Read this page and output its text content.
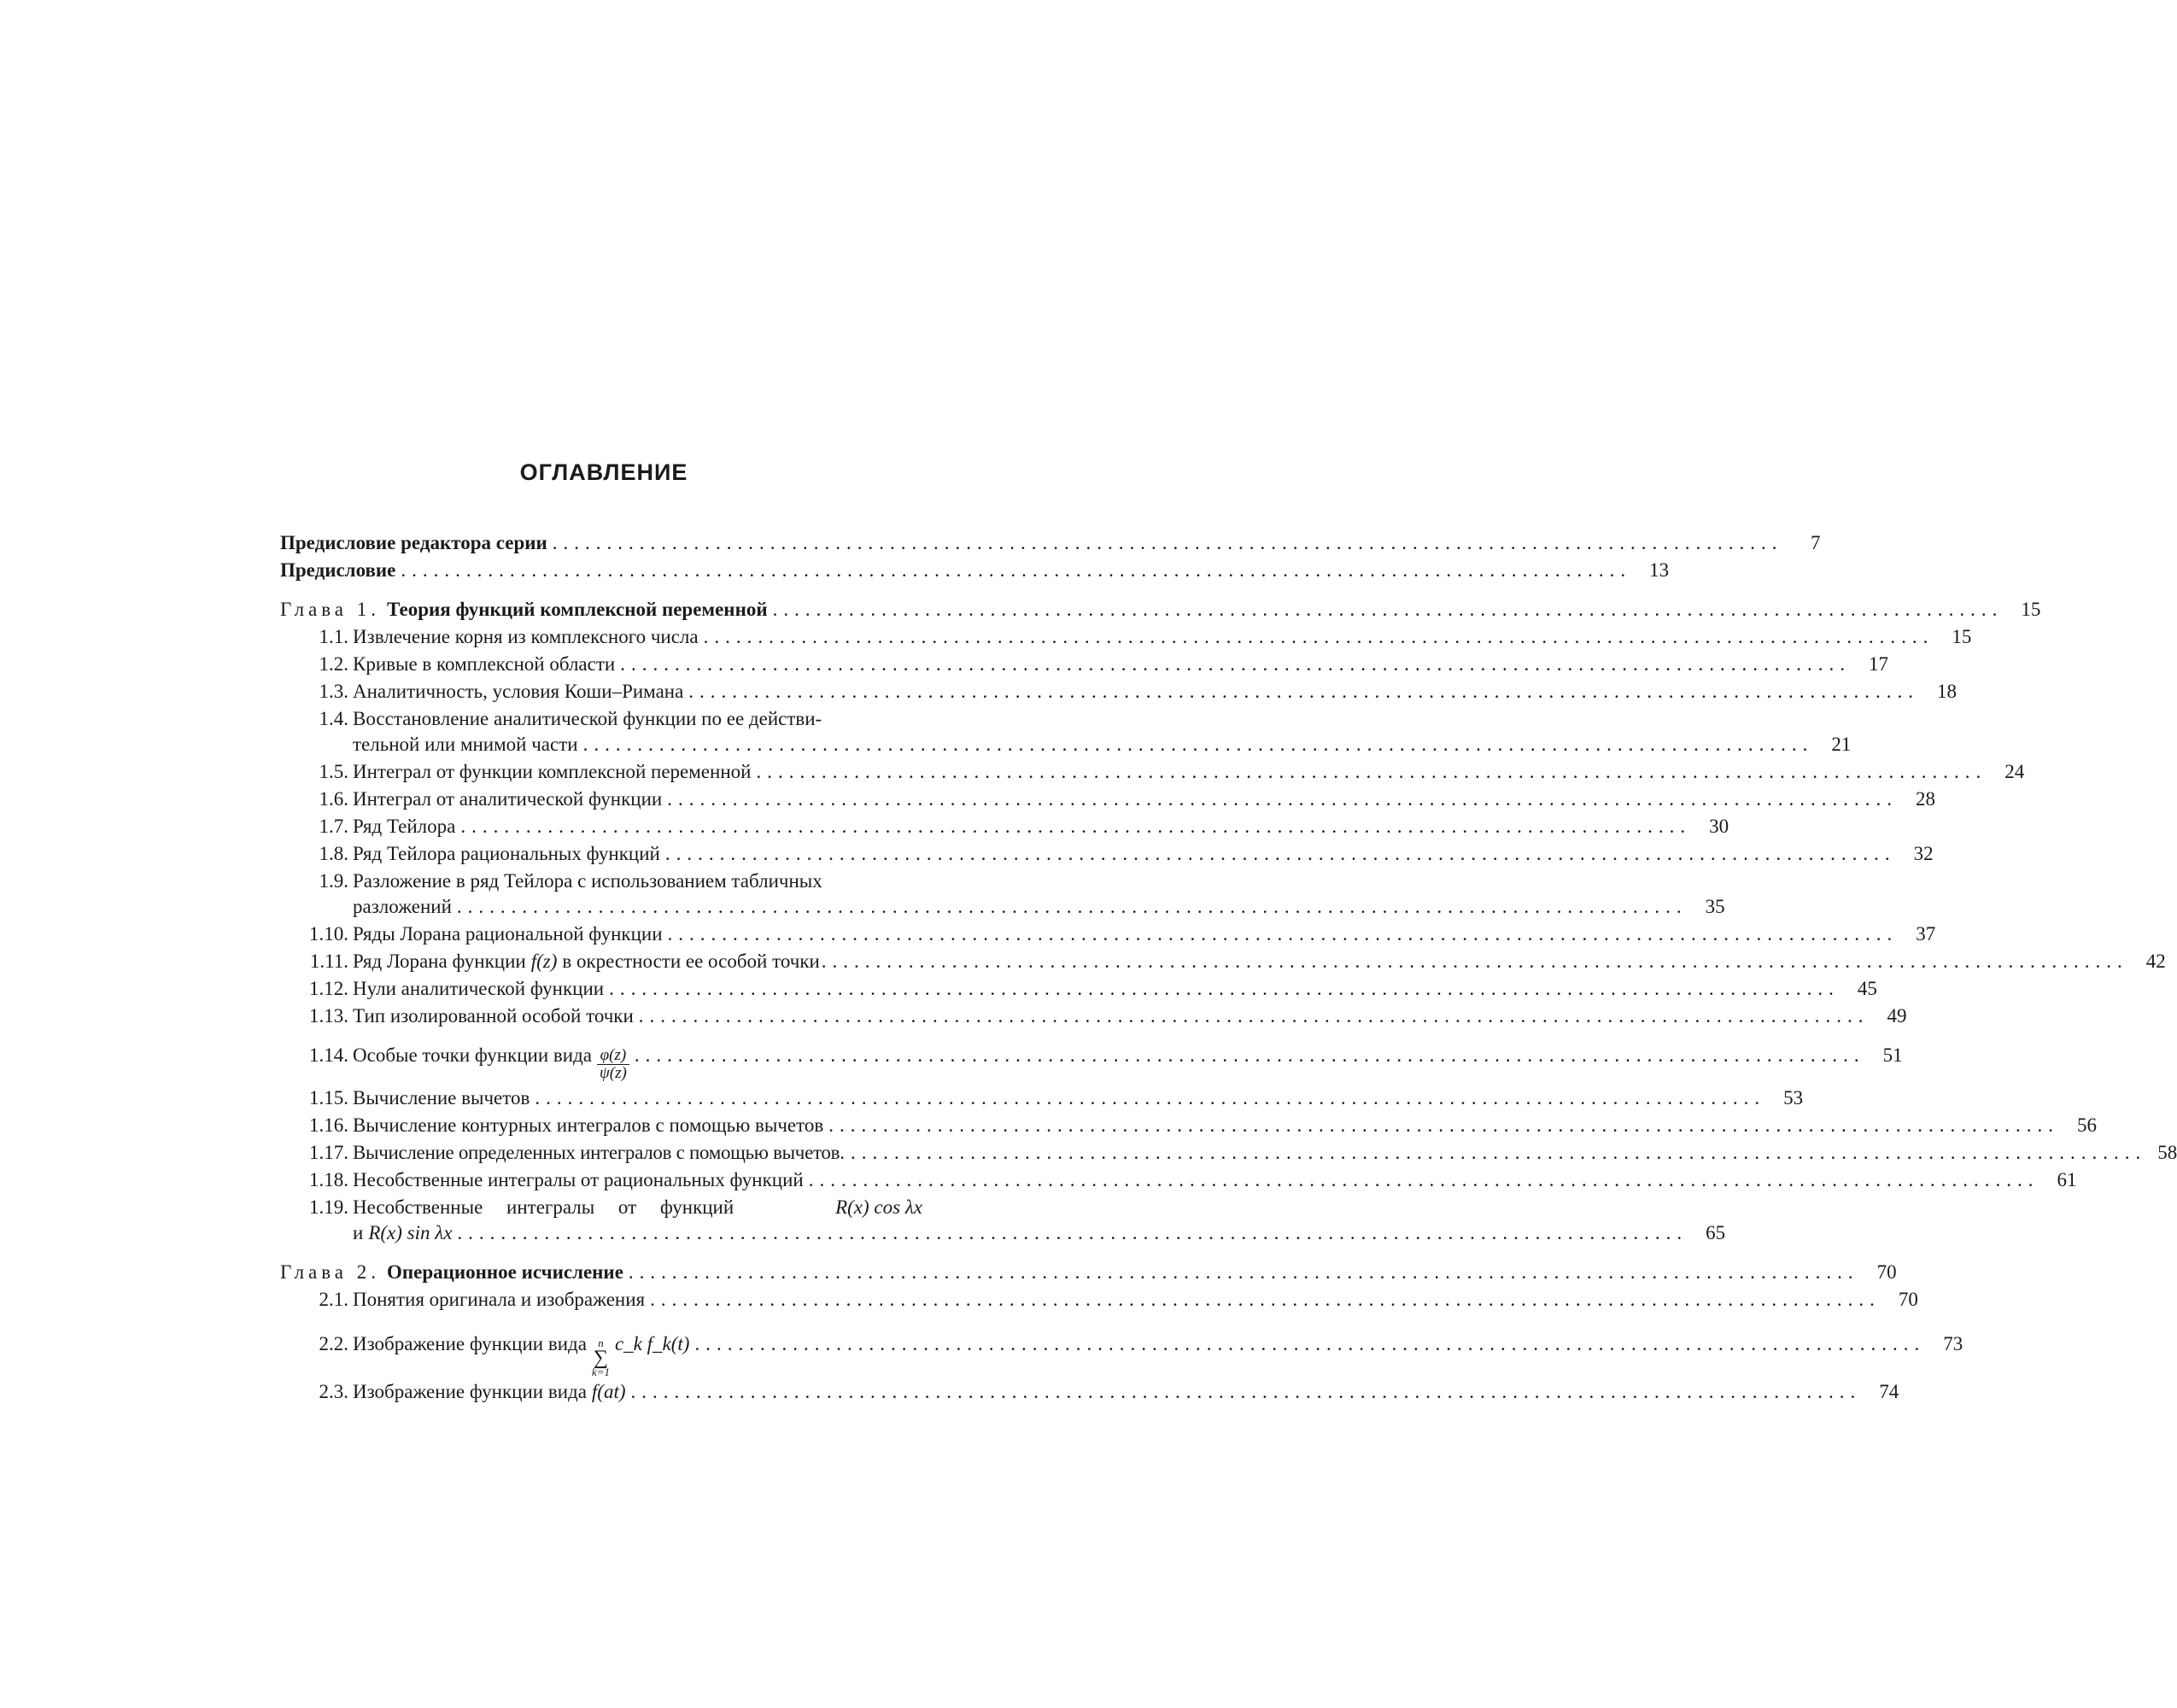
ОГЛАВЛЕНИЕ
Предисловие редактора серии .................................................................................................................	7
Предисловие ................................................................................................................. 13
Глава 1. Теория функций комплексной переменной ................................................................................................................. 15
1.1. Извлечение корня из комплексного числа ................................................................................................................. 15
1.2. Кривые в комплексной области ................................................................................................................. 17
1.3. Аналитичность, условия Коши–Римана ................................................................................................................. 18
1.4. Восстановление аналитической функции по ее действи-
тельной или мнимой части ................................................................................................................. 21
1.5. Интеграл от функции комплексной переменной ................................................................................................................. 24
1.6. Интеграл от аналитической функции ................................................................................................................. 28
1.7. Ряд Тейлора ................................................................................................................. 30
1.8. Ряд Тейлора рациональных функций ................................................................................................................. 32
1.9. Разложение в ряд Тейлора с использованием табличных
разложений ................................................................................................................. 35
1.10. Ряды Лорана рациональной функции ................................................................................................................. 37
1.11. Ряд Лорана функции f(z) в окрестности ее особой точки ........................................................................................................................ 42
1.12. Нули аналитической функции ................................................................................................................. 45
1.13. Тип изолированной особой точки ................................................................................................................. 49
1.14. Особые точки функции вида $\frac{\varphi(z)}{\psi(z)}$ ................................................................................................................. 51
1.15. Вычисление вычетов ................................................................................................................. 53
1.16. Вычисление контурных интегралов с помощью вычетов ................................................................................................................. 56
1.17. Вычисление определенных интегралов с помощью вычетов ........................................................................................................................ 58
1.18. Несобственные интегралы от рациональных функций ................................................................................................................. 61
1.19. Несобственные интегралы от функций	R(x) cos λx
и R(x) sin λx ................................................................................................................. 65
Глава 2. Операционное исчисление ................................................................................................................. 70
2.1. Понятия оригинала и изображения ................................................................................................................. 70
2.2. Изображение функции вида	n
∑
k=1
c_k f_k(t) ................................................................................................................. 73
2.3. Изображение функции вида f(at) ................................................................................................................. 74
